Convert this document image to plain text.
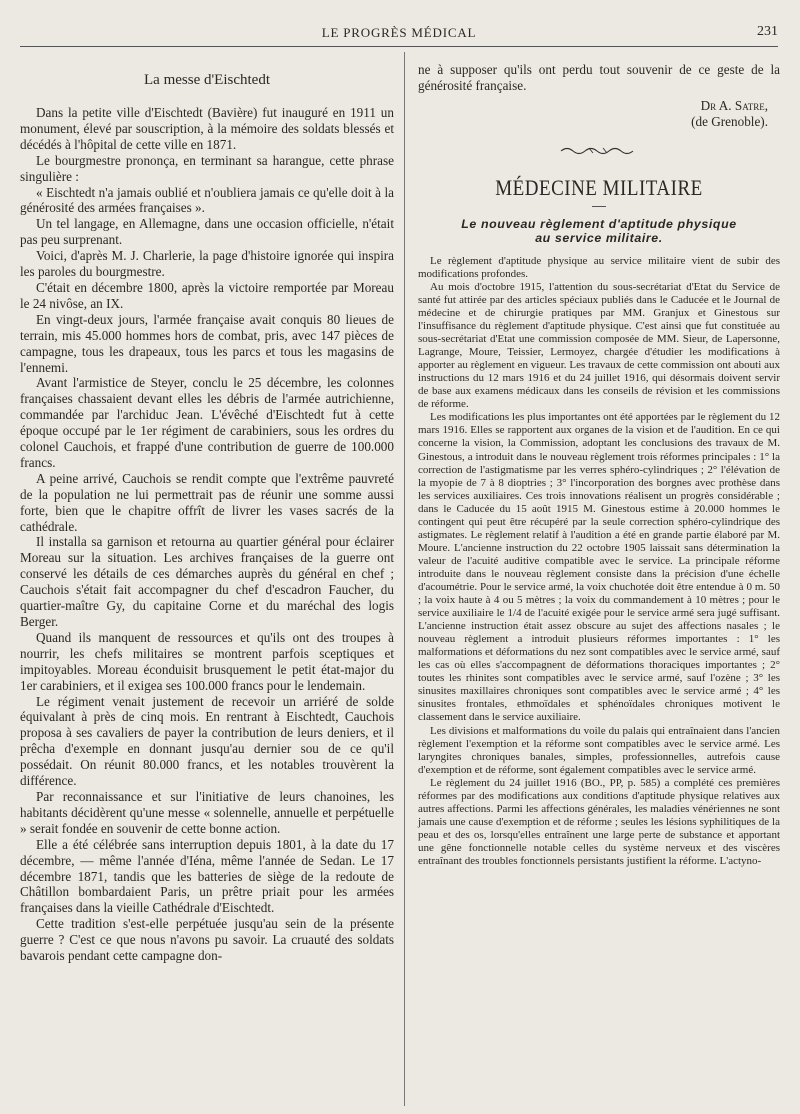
LE PROGRÈS MÉDICAL	231
La messe d'Eischtedt

Dans la petite ville d'Eischtedt (Bavière) fut inauguré en 1911 un monument, élevé par souscription, à la mémoire des soldats blessés et décédés à l'hôpital de cette ville en 1871.

Le bourgmestre prononça, en terminant sa harangue, cette phrase singulière :

« Eischtedt n'a jamais oublié et n'oubliera jamais ce qu'elle doit à la générosité des armées françaises ».

Un tel langage, en Allemagne, dans une occasion officielle, n'était pas peu surprenant.

Voici, d'après M. J. Charlerie, la page d'histoire ignorée qui inspira les paroles du bourgmestre.

C'était en décembre 1800, après la victoire remportée par Moreau le 24 nivôse, an IX.

En vingt-deux jours, l'armée française avait conquis 80 lieues de terrain, mis 45.000 hommes hors de combat, pris, avec 147 pièces de campagne, tous les drapeaux, tous les parcs et tous les magasins de l'ennemi.

Avant l'armistice de Steyer, conclu le 25 décembre, les colonnes françaises chassaient devant elles les débris de l'armée autrichienne, commandée par l'archiduc Jean. L'évêché d'Eischtedt fut à cette époque occupé par le 1er régiment de carabiniers, sous les ordres du colonel Cauchois, et frappé d'une contribution de guerre de 100.000 francs.

A peine arrivé, Cauchois se rendit compte que l'extrême pauvreté de la population ne lui permettrait pas de réunir une somme aussi forte, bien que le chapitre offrît de livrer les vases sacrés de la cathédrale.

Il installa sa garnison et retourna au quartier général pour éclairer Moreau sur la situation. Les archives françaises de la guerre ont conservé les détails de ces démarches auprès du général en chef ; Cauchois s'était fait accompagner du chef d'escadron Faucher, du quartier-maître Gy, du capitaine Corne et du maréchal des logis Berger.

Quand ils manquent de ressources et qu'ils ont des troupes à nourrir, les chefs militaires se montrent parfois sceptiques et impitoyables. Moreau éconduisit brusquement le petit état-major du 1er carabiniers, et il exigea ses 100.000 francs pour le lendemain.

Le régiment venait justement de recevoir un arriéré de solde équivalant à près de cinq mois. En rentrant à Eischtedt, Cauchois proposa à ses cavaliers de payer la contribution de leurs deniers, et il prêcha d'exemple en donnant jusqu'au dernier sou de ce qu'il possédait. On réunit 80.000 francs, et les notables trouvèrent la différence.

Par reconnaissance et sur l'initiative de leurs chanoines, les habitants décidèrent qu'une messe « solennelle, annuelle et perpétuelle » serait fondée en souvenir de cette bonne action.

Elle a été célébrée sans interruption depuis 1801, à la date du 17 décembre, — même l'année d'Iéna, même l'année de Sedan. Le 17 décembre 1871, tandis que les batteries de siège de la redoute de Châtillon bombardaient Paris, un prêtre priait pour les armées françaises dans la vieille Cathédrale d'Eischtedt.

Cette tradition s'est-elle perpétuée jusqu'au sein de la présente guerre ? C'est ce que nous n'avons pu savoir. La cruauté des soldats bavarois pendant cette campagne don-

ne à supposer qu'ils ont perdu tout souvenir de ce geste de la générosité française.

Dr A. Satre,
(de Grenoble).
MÉDECINE MILITAIRE
Le nouveau règlement d'aptitude physique
au service militaire.

Le règlement d'aptitude physique au service militaire vient de subir des modifications profondes.

Au mois d'octobre 1915, l'attention du sous-secrétariat d'Etat du Service de santé fut attirée par des articles spéciaux publiés dans le Caducée et le Journal de médecine et de chirurgie pratiques par MM. Granjux et Ginestous sur l'insuffisance du règlement d'aptitude physique. C'est ainsi que fut constituée au sous-secrétariat d'Etat une commission composée de MM. Sieur, de Lapersonne, Lagrange, Moure, Teissier, Lermoyez, chargée d'étudier les modifications à apporter au règlement en vigueur. Les travaux de cette commission ont abouti aux instructions du 12 mars 1916 et du 24 juillet 1916, qui désormais doivent servir de base aux examens médicaux dans les conseils de révision et les commissions de réforme.

Les modifications les plus importantes ont été apportées par le règlement du 12 mars 1916. Elles se rapportent aux organes de la vision et de l'audition. En ce qui concerne la vision, la Commission, adoptant les conclusions des travaux de M. Ginestous, a introduit dans le nouveau règlement trois réformes principales : 1° la correction de l'astigmatisme par les verres sphéro-cylindriques ; 2° l'élévation de la myopie de 7 à 8 dioptries ; 3° l'incorporation des borgnes avec prothèse dans les services auxiliaires. Ces trois innovations réalisent un progrès considérable ; dans le Caducée du 15 août 1915 M. Ginestous estime à 20.000 hommes le contingent qui peut être récupéré par la seule correction sphéro-cylindrique des astigmates. Le règlement relatif à l'audition a été en grande partie élaboré par M. Moure. L'ancienne instruction du 22 octobre 1905 laissait sans détermination la valeur de l'acuité auditive compatible avec le service. La principale réforme introduite dans le nouveau règlement consiste dans la précision d'une échelle d'acoumétrie. Pour le service armé, la voix chuchotée doit être entendue à 0 m. 50 ; la voix haute à 4 ou 5 mètres ; la voix du commandement à 10 mètres ; pour le service auxiliaire le 1/4 de l'acuité exigée pour le service armé sera jugé suffisant. L'ancienne instruction était assez obscure au sujet des affections nasales ; le nouveau règlement a introduit plusieurs réformes importantes : 1° les malformations et déformations du nez sont compatibles avec le service armé, sauf les cas où elles s'accompagnent de déformations thoraciques importantes ; 2° toutes les rhinites sont compatibles avec le service armé, sauf l'ozène ; 3° les sinusites maxillaires chroniques sont compatibles avec le service armé ; 4° les sinusites frontales, ethmoïdales et sphénoïdales chroniques motivent le classement dans le service auxiliaire.

Les divisions et malformations du voile du palais qui entraînaient dans l'ancien règlement l'exemption et la réforme sont compatibles avec le service armé. Les laryngites chroniques banales, simples, professionnelles, autrefois cause d'exemption et de réforme, sont également compatibles avec le service armé.

Le règlement du 24 juillet 1916 (BO., PP, p. 585) a complété ces premières réformes par des modifications aux conditions d'aptitude physique relatives aux autres affections. Parmi les affections générales, les maladies vénériennes ne sont jamais une cause d'exemption et de réforme ; seules les lésions syphilitiques de la peau et des os, lorsqu'elles entraînent une large perte de substance et apportant une gêne fonctionnelle notable celles du système nerveux et des viscères entraînant des troubles fonctionnels persistants justifient la réforme. L'actyno-
